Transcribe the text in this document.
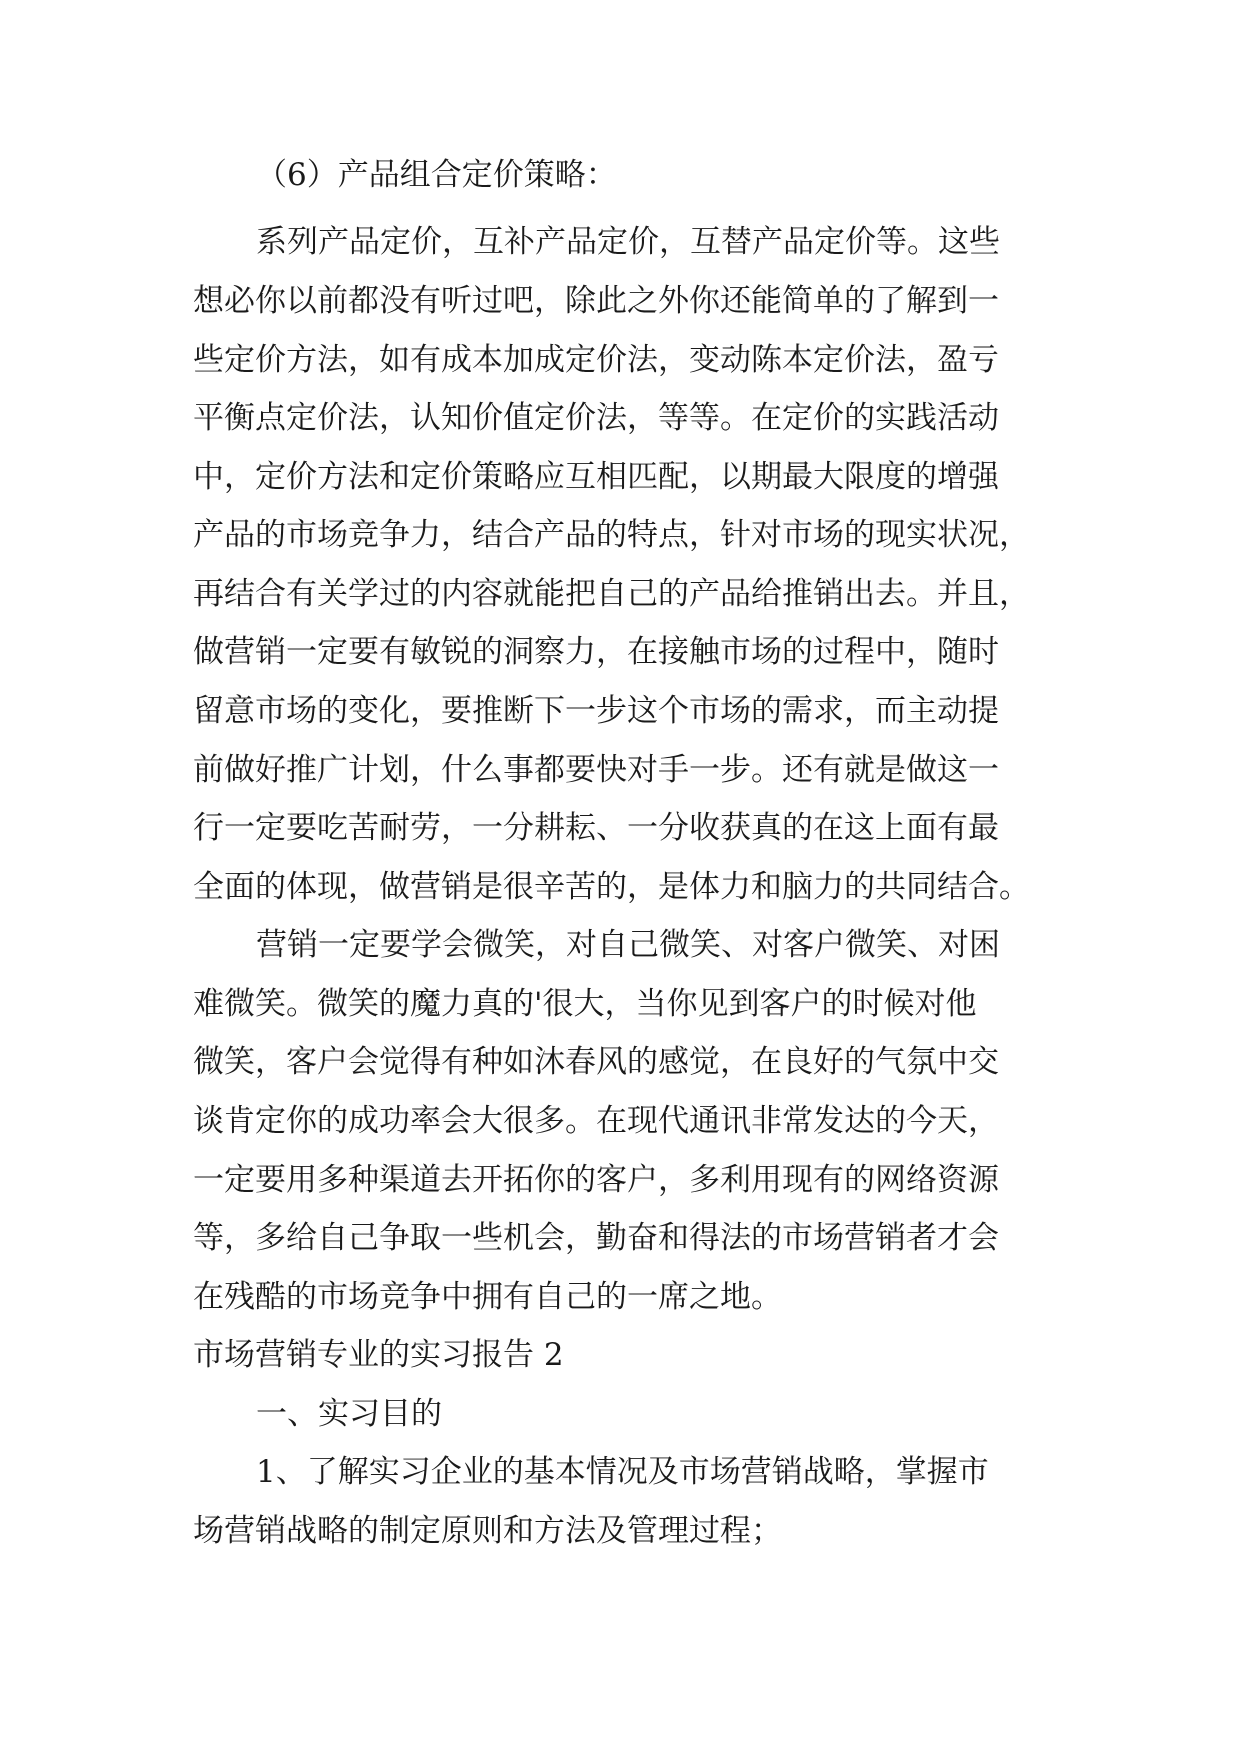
（6）产品组合定价策略：
系列产品定价，互补产品定价，互替产品定价等。这些
想必你以前都没有听过吧，除此之外你还能简单的了解到一
些定价方法，如有成本加成定价法，变动陈本定价法，盈亏
平衡点定价法，认知价值定价法，等等。在定价的实践活动
中，定价方法和定价策略应互相匹配，以期最大限度的增强
产品的市场竞争力，结合产品的特点，针对市场的现实状况，
再结合有关学过的内容就能把自己的产品给推销出去。并且，
做营销一定要有敏锐的洞察力，在接触市场的过程中，随时
留意市场的变化，要推断下一步这个市场的需求，而主动提
前做好推广计划，什么事都要快对手一步。还有就是做这一
行一定要吃苦耐劳，一分耕耘、一分收获真的在这上面有最
全面的体现，做营销是很辛苦的，是体力和脑力的共同结合。
营销一定要学会微笑，对自己微笑、对客户微笑、对困
难微笑。微笑的魔力真的'很大，当你见到客户的时候对他
微笑，客户会觉得有种如沐春风的感觉，在良好的气氛中交
谈肯定你的成功率会大很多。在现代通讯非常发达的今天，
一定要用多种渠道去开拓你的客户，多利用现有的网络资源
等，多给自己争取一些机会，勤奋和得法的市场营销者才会
在残酷的市场竞争中拥有自己的一席之地。
市场营销专业的实习报告 2
一、实习目的
1、了解实习企业的基本情况及市场营销战略，掌握市
场营销战略的制定原则和方法及管理过程；
